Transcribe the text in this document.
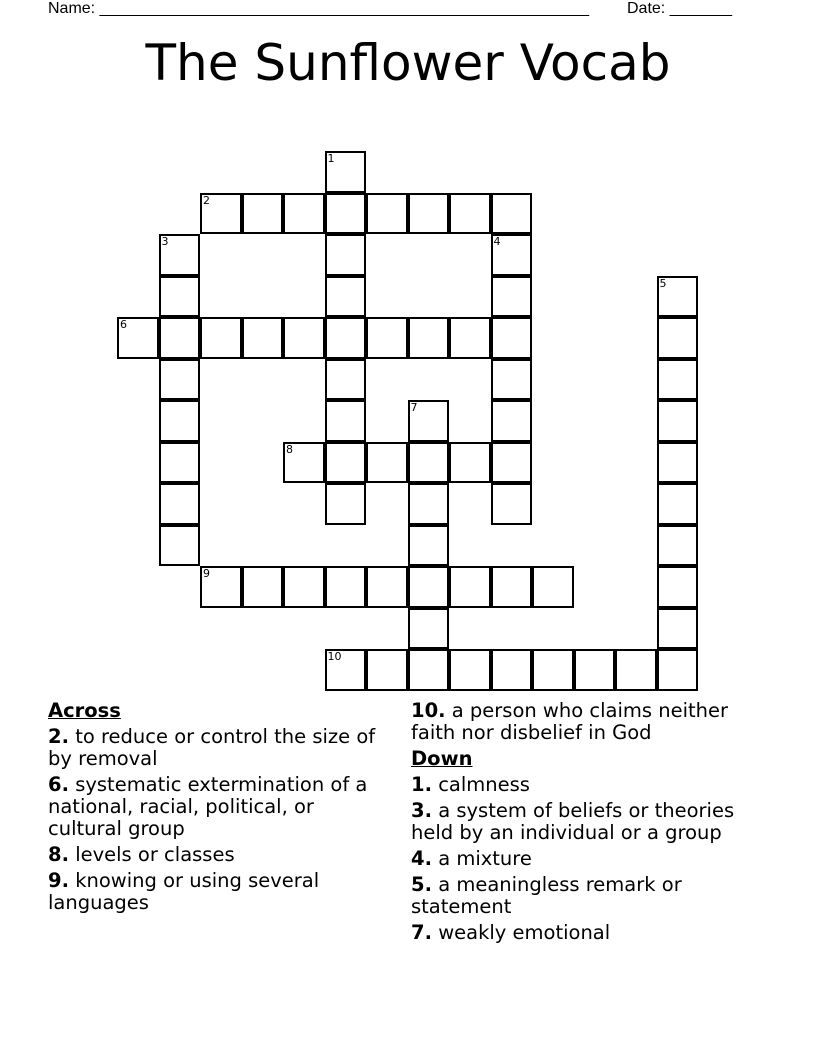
Name: _______________________________________________________ Date: _______
The Sunflower Vocab
1
2
3	4
5
6
7
8
9
10
Across
2. to reduce or control the size of by removal
6. systematic extermination of a national, racial, political, or cultural group
8. levels or classes
9. knowing or using several languages
10. a person who claims neither faith nor disbelief in God
Down
1. calmness
3. a system of beliefs or theories held by an individual or a group
4. a mixture
5. a meaningless remark or statement
7. weakly emotional
